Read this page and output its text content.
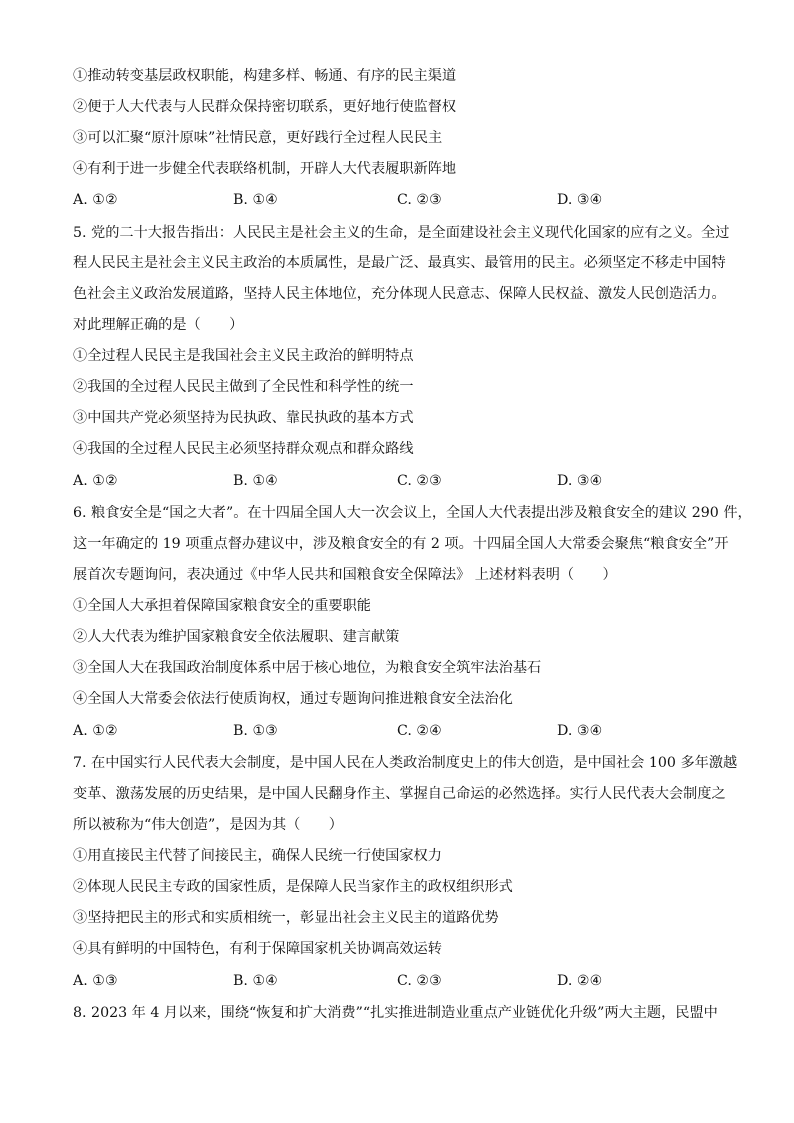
①推动转变基层政权职能，构建多样、畅通、有序的民主渠道
②便于人大代表与人民群众保持密切联系，更好地行使监督权
③可以汇聚“原汁原味”社情民意，更好践行全过程人民民主
④有利于进一步健全代表联络机制，开辟人大代表履职新阵地
A. ①②	B. ①④	C. ②③	D. ③④
5. 党的二十大报告指出：人民民主是社会主义的生命，是全面建设社会主义现代化国家的应有之义。全过
程人民民主是社会主义民主政治的本质属性，是最广泛、最真实、最管用的民主。必须坚定不移走中国特
色社会主义政治发展道路，坚持人民主体地位，充分体现人民意志、保障人民权益、激发人民创造活力。
对此理解正确的是（　　）
①全过程人民民主是我国社会主义民主政治的鲜明特点
②我国的全过程人民民主做到了全民性和科学性的统一
③中国共产党必须坚持为民执政、靠民执政的基本方式
④我国的全过程人民民主必须坚持群众观点和群众路线
A. ①②	B. ①④	C. ②③	D. ③④
6. 粮食安全是“国之大者”。在十四届全国人大一次会议上，全国人大代表提出涉及粮食安全的建议 290 件，
这一年确定的 19 项重点督办建议中，涉及粮食安全的有 2 项。十四届全国人大常委会聚焦“粮食安全”开
展首次专题询问，表决通过《中华人民共和国粮食安全保障法》 上述材料表明（　　）
①全国人大承担着保障国家粮食安全的重要职能
②人大代表为维护国家粮食安全依法履职、建言献策
③全国人大在我国政治制度体系中居于核心地位，为粮食安全筑牢法治基石
④全国人大常委会依法行使质询权，通过专题询问推进粮食安全法治化
A. ①②	B. ①③	C. ②④	D. ③④
7. 在中国实行人民代表大会制度，是中国人民在人类政治制度史上的伟大创造，是中国社会 100 多年激越
变革、激荡发展的历史结果，是中国人民翻身作主、掌握自己命运的必然选择。实行人民代表大会制度之
所以被称为“伟大创造”，是因为其（　　）
①用直接民主代替了间接民主，确保人民统一行使国家权力
②体现人民民主专政的国家性质，是保障人民当家作主的政权组织形式
③坚持把民主的形式和实质相统一，彰显出社会主义民主的道路优势
④具有鲜明的中国特色，有利于保障国家机关协调高效运转
A. ①③	B. ①④	C. ②③	D. ②④
8. 2023 年 4 月以来，围绕“恢复和扩大消费”“扎实推进制造业重点产业链优化升级”两大主题，民盟中
